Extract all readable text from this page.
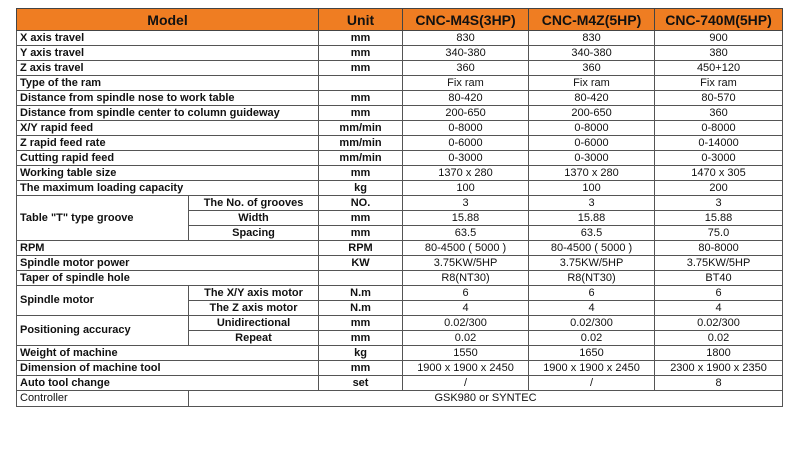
Model		Unit	CNC-M4S(3HP)	CNC-M4Z(5HP)	CNC-740M(5HP)
X axis travel		mm	830	830	900
Y axis travel		mm	340-380	340-380	380
Z axis travel		mm	360	360	450+120
Type of the ram			Fix ram	Fix ram	Fix ram
Distance from spindle nose to work table		mm	80-420	80-420	80-570
Distance from spindle center to column guideway		mm	200-650	200-650	360
X/Y rapid feed		mm/min	0-8000	0-8000	0-8000
Z rapid feed rate		mm/min	0-6000	0-6000	0-14000
Cutting rapid feed		mm/min	0-3000	0-3000	0-3000
Working table size		mm	1370 x 280	1370 x 280	1470 x 305
The maximum loading capacity		kg	100	100	200
Table "T" type groove	The No. of grooves	NO.	3	3	3
	Width	mm	15.88	15.88	15.88
	Spacing	mm	63.5	63.5	75.0
RPM		RPM	80-4500 ( 5000 )	80-4500 ( 5000 )	80-8000
Spindle motor power		KW	3.75KW/5HP	3.75KW/5HP	3.75KW/5HP
Taper of spindle hole			R8(NT30)	R8(NT30)	BT40
Spindle motor	The X/Y axis motor	N.m	6	6	6
	The Z axis motor	N.m	4	4	4
Positioning accuracy	Unidirectional	mm	0.02/300	0.02/300	0.02/300
	Repeat	mm	0.02	0.02	0.02
Weight of machine		kg	1550	1650	1800
Dimension of machine tool		mm	1900 x 1900 x 2450	1900 x 1900 x 2450	2300 x 1900 x 2350
Auto tool change		set	/	/	8
Controller	GSK980 or SYNTEC				
